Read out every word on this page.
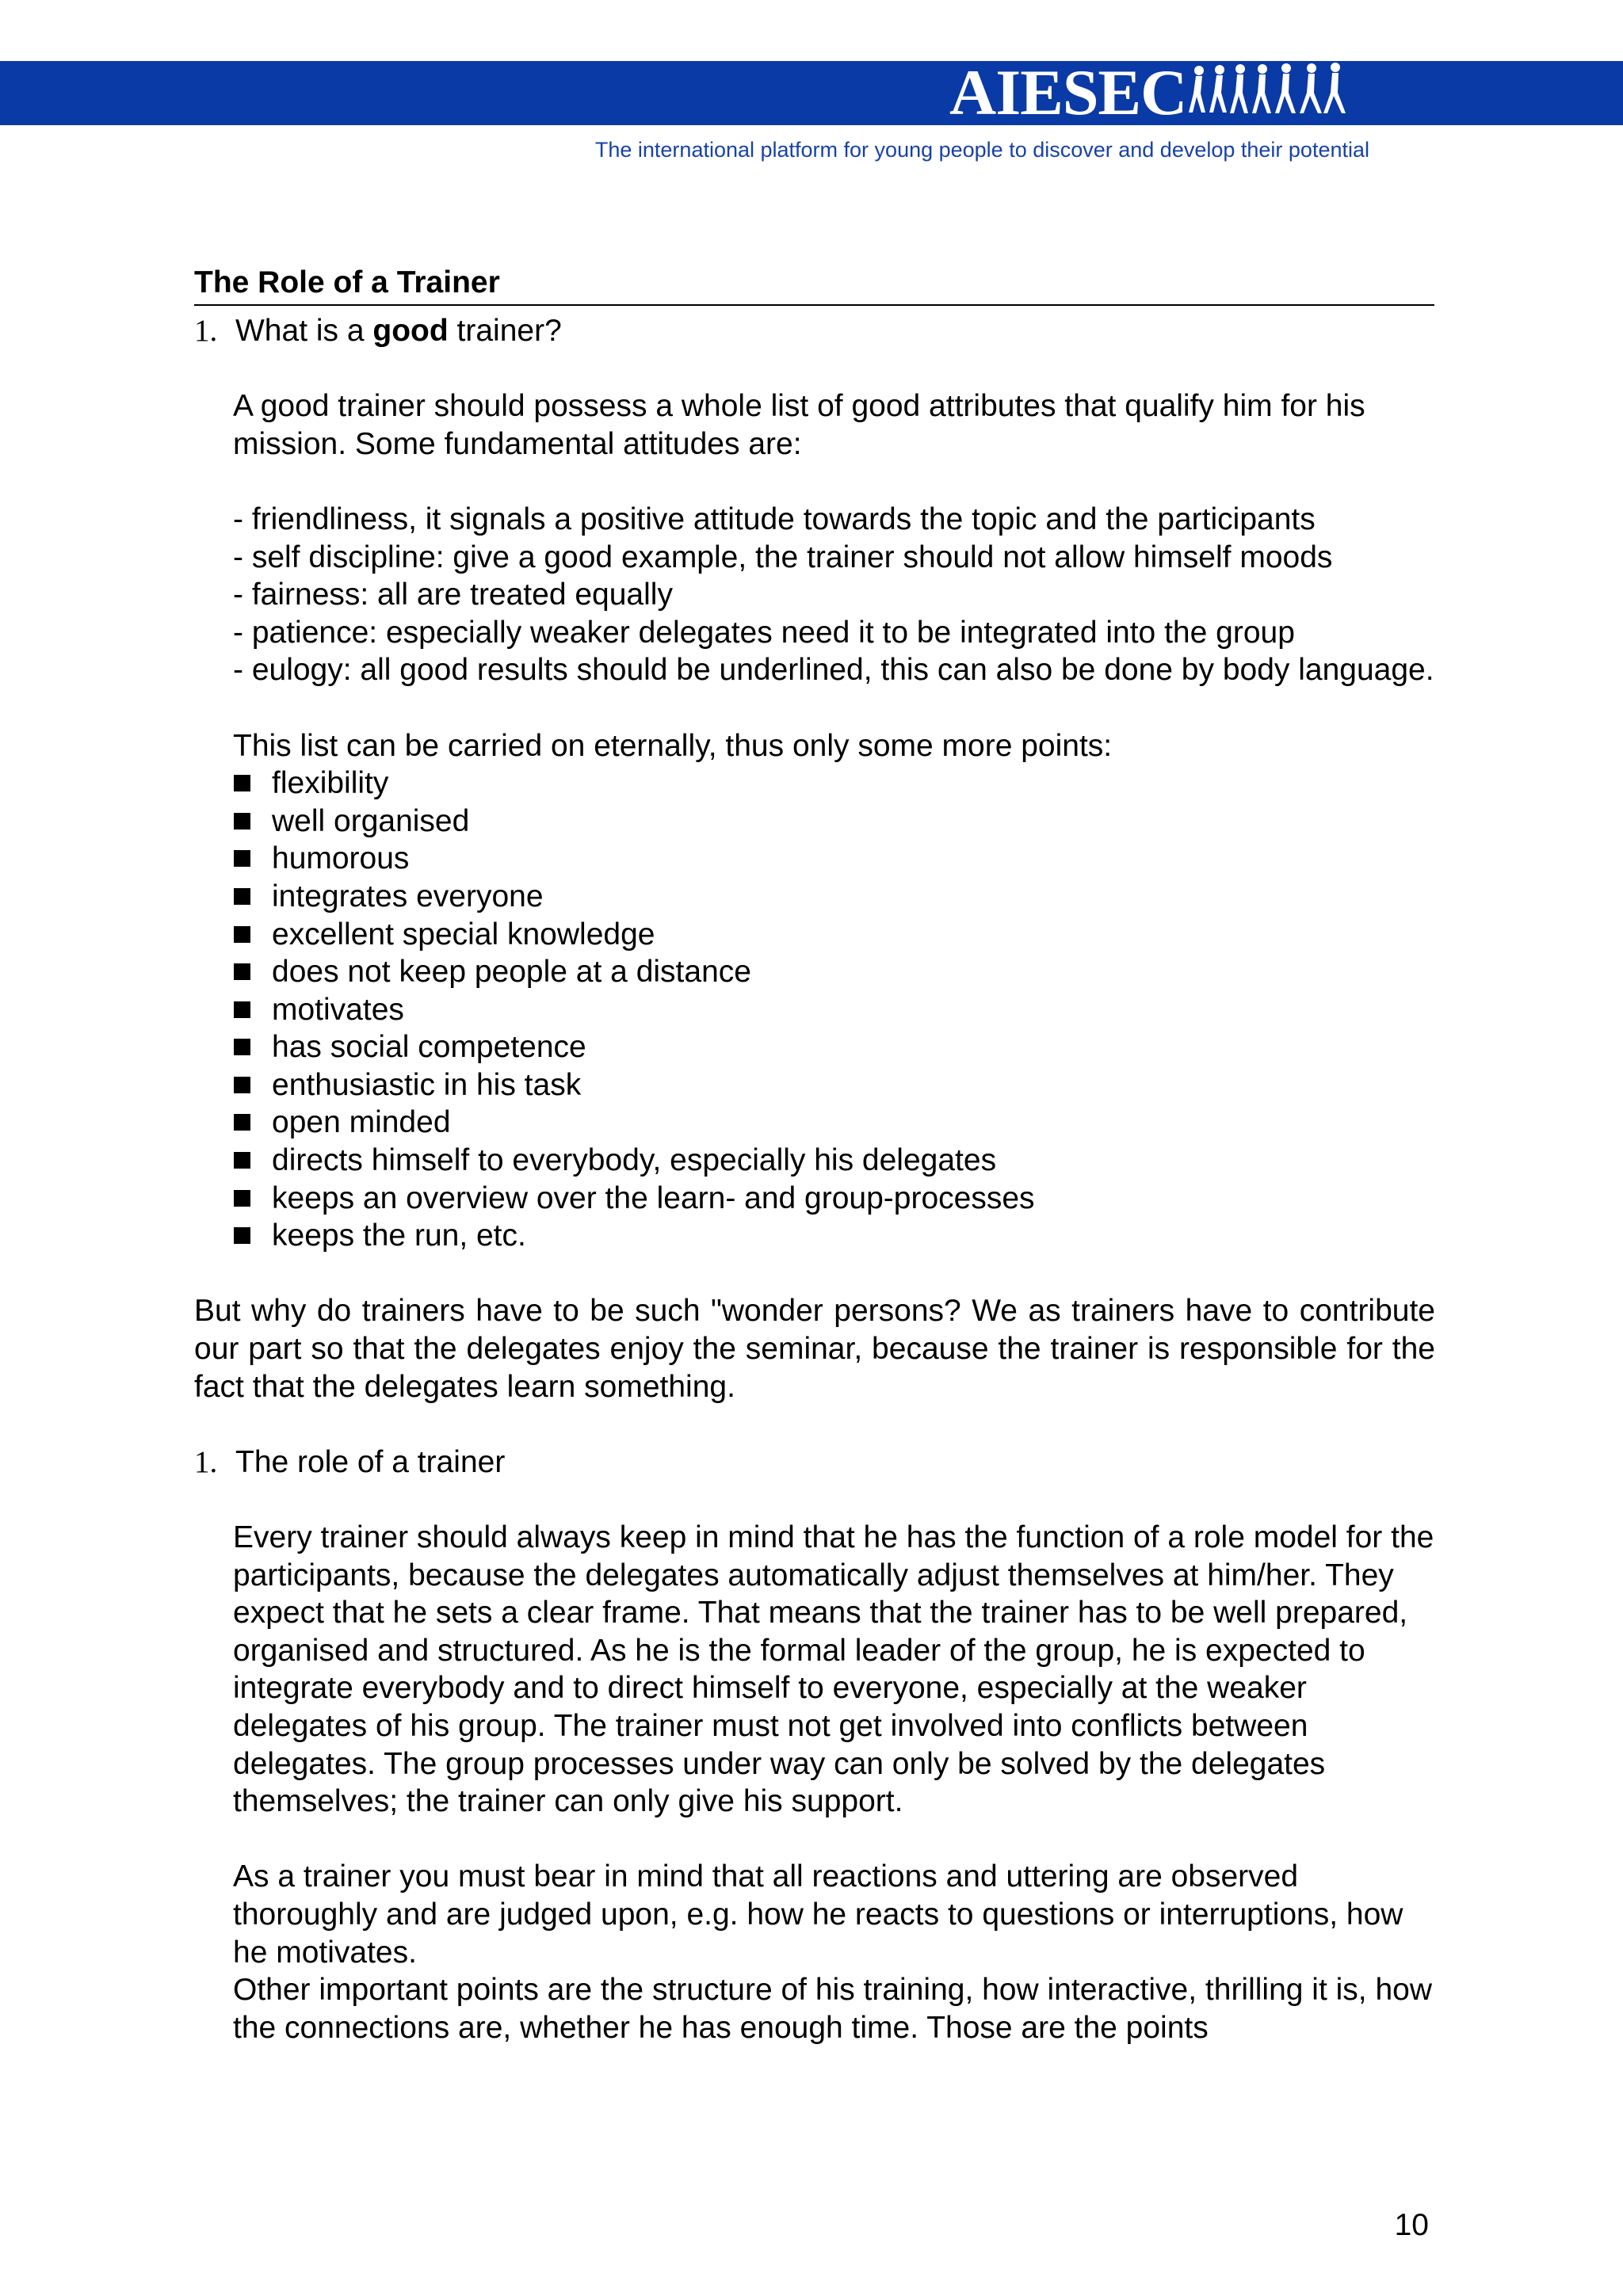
AIESEC
The international platform for young people to discover and develop their potential
The Role of a Trainer
1. What is a good trainer?
A good trainer should possess a whole list of good attributes that qualify him for his mission. Some fundamental attitudes are:
- friendliness, it signals a positive attitude towards the topic and the participants
- self discipline: give a good example, the trainer should not allow himself moods
- fairness: all are treated equally
- patience: especially weaker delegates need it to be integrated into the group
- eulogy: all good results should be underlined, this can also be done by body language.
This list can be carried on eternally, thus only some more points:
flexibility
well organised
humorous
integrates everyone
excellent special knowledge
does not keep people at a distance
motivates
has social competence
enthusiastic in his task
open minded
directs himself to everybody, especially his delegates
keeps an overview over the learn- and group-processes
keeps the run, etc.
But why do trainers have to be such "wonder persons? We as trainers have to contribute our part so that the delegates enjoy the seminar, because the trainer is responsible for the fact that the delegates learn something.
1. The role of a trainer
Every trainer should always keep in mind that he has the function of a role model for the participants, because the delegates automatically adjust themselves at him/her. They expect that he sets a clear frame. That means that the trainer has to be well prepared, organised and structured. As he is the formal leader of the group, he is expected to integrate everybody and to direct himself to everyone, especially at the weaker delegates of his group. The trainer must not get involved into conflicts between delegates. The group processes under way can only be solved by the delegates themselves; the trainer can only give his support.
As a trainer you must bear in mind that all reactions and uttering are observed thoroughly and are judged upon, e.g. how he reacts to questions or interruptions, how he motivates.
Other important points are the structure of his training, how interactive, thrilling it is, how the connections are, whether he has enough time. Those are the points
10
